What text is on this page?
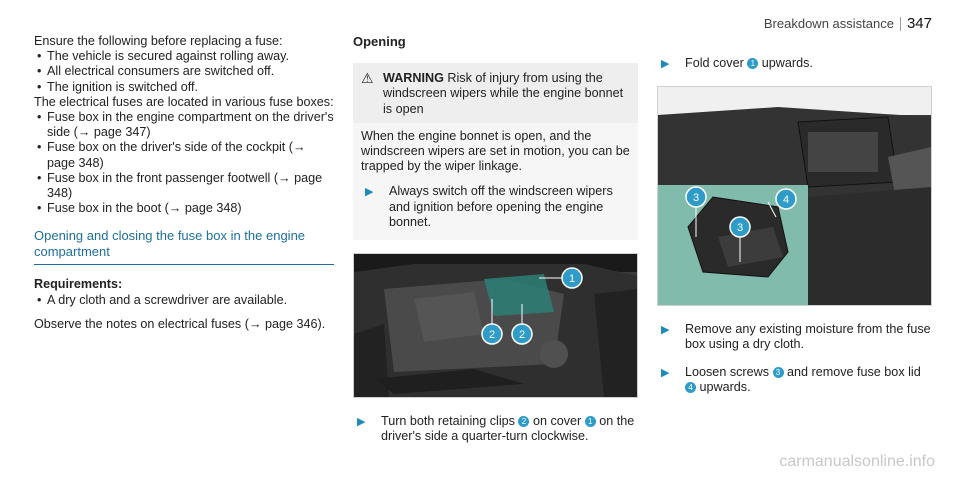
Breakdown assistance 347

Ensure the following before replacing a fuse:

• The vehicle is secured against rolling away.
• All electrical consumers are switched off.
• The ignition is switched off.

The electrical fuses are located in various fuse boxes:

• Fuse box in the engine compartment on the driver's side (→ page 347)
• Fuse box on the driver's side of the cockpit (→ page 348)
• Fuse box in the front passenger footwell (→ page 348)
• Fuse box in the boot (→ page 348)
Opening and closing the fuse box in the engine compartment

Requirements:

• A dry cloth and a screwdriver are available.

Observe the notes on electrical fuses (→ page 346).

Opening

⚠ WARNING Risk of injury from using the windscreen wipers while the engine bonnet is open

When the engine bonnet is open, and the windscreen wipers are set in motion, you can be trapped by the wiper linkage.

▶	Always switch off the windscreen wipers and ignition before opening the engine bonnet.
1
2 2
▶	Turn both retaining clips 2 on cover 1 on the driver's side a quarter-turn clockwise.
▶	Fold cover 1 upwards.
3	4
3
▶	Remove any existing moisture from the fuse box using a dry cloth.
▶	Loosen screws 3 and remove fuse box lid 4 upwards.
carmanualsonline.info
